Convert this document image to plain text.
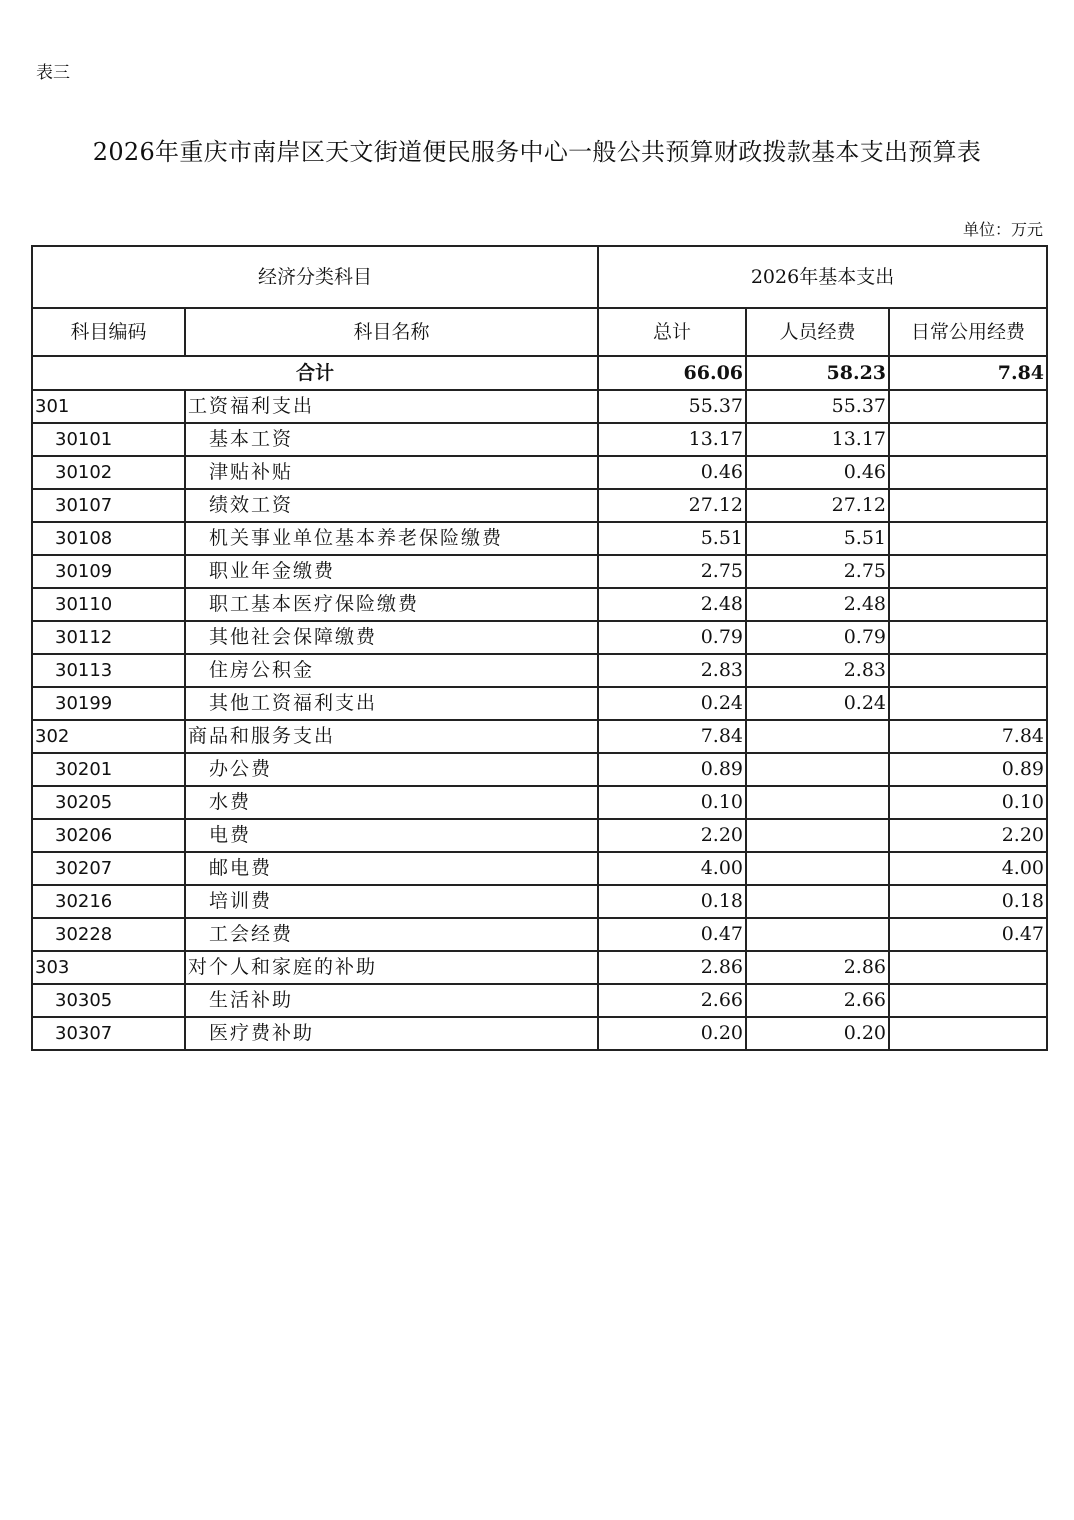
表三
2026年重庆市南岸区天文街道便民服务中心一般公共预算财政拨款基本支出预算表
单位：万元
经济分类科目		2026年基本支出		
科目编码	科目名称	总计	人员经费	日常公用经费
合计		66.06	58.23	7.84
301	工资福利支出	55.37	55.37	
30101	基本工资	13.17	13.17	
30102	津贴补贴	0.46	0.46	
30107	绩效工资	27.12	27.12	
30108	机关事业单位基本养老保险缴费	5.51	5.51	
30109	职业年金缴费	2.75	2.75	
30110	职工基本医疗保险缴费	2.48	2.48	
30112	其他社会保障缴费	0.79	0.79	
30113	住房公积金	2.83	2.83	
30199	其他工资福利支出	0.24	0.24	
302	商品和服务支出	7.84		7.84
30201	办公费	0.89		0.89
30205	水费	0.10		0.10
30206	电费	2.20		2.20
30207	邮电费	4.00		4.00
30216	培训费	0.18		0.18
30228	工会经费	0.47		0.47
303	对个人和家庭的补助	2.86	2.86	
30305	生活补助	2.66	2.66	
30307	医疗费补助	0.20	0.20	
